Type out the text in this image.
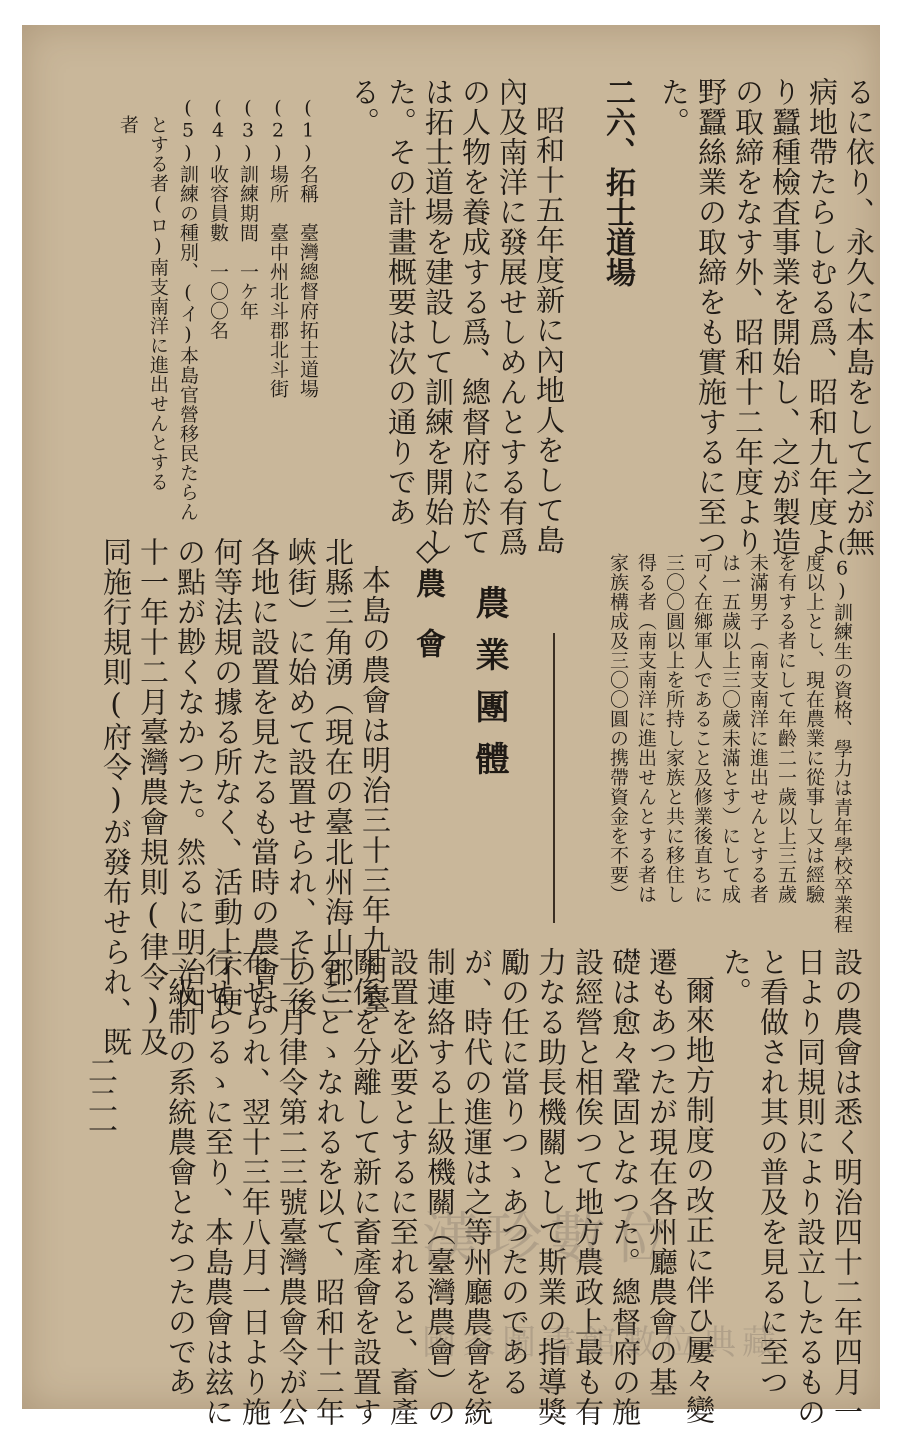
るに依り、永久に本島をして之が無
病地帶たらしむる爲、昭和九年度よ
り蠶種檢査事業を開始し、之が製造
の取締をなす外、昭和十二年度より
野蠶絲業の取締をも實施するに至つ
た。
二六、拓士道場
昭和十五年度新に內地人をして島
內及南洋に發展せしめんとする有爲
の人物を養成する爲、總督府に於て
は拓士道場を建設して訓練を開始し
た。その計畫概要は次の通りであ
る。
(1)名稱　臺灣總督府拓士道場
(2)場所　臺中州北斗郡北斗街
(3)訓練期間　一ケ年
(4)收容員數　一〇〇名
(5)訓練の種別、(イ)本島官營移民たらん
とする者(ロ)南支南洋に進出せんとする
者
(6)訓練生の資格、學力は青年學校卒業程
度以上とし、現在農業に從事し又は經驗
を有する者にして年齡二一歲以上三五歲
未滿男子（南支南洋に進出せんとする者
は一五歲以上三〇歲未滿とす）にして成
可く在鄉軍人であること及修業後直ちに
三〇〇圓以上を所持し家族と共に移住し
得る者（南支南洋に進出せんとする者は
家族構成及三〇〇圓の携帶資金を不要）
農業團體
◇農　會
本島の農會は明治三十三年九月臺
北縣三角湧（現在の臺北州海山郡三
峽街）に始めて設置せられ、その後
各地に設置を見たるも當時の農會は
何等法規の據る所なく、活動上不便
の點が尠くなかつた。然るに明治四
十一年十二月臺灣農會規則(律令)及
同施行規則(府令)が發布せられ、既
設の農會は悉く明治四十二年四月一
日より同規則により設立したるもの
と看做され其の普及を見るに至つ
た。
爾來地方制度の改正に伴ひ屢々變
遷もあつたが現在各州廳農會の基
礎は愈々鞏固となつた。總督府の施
設經營と相俟つて地方農政上最も有
力なる助長機關として斯業の指導獎
勵の任に當りつゝあつたのである
が、時代の進運は之等州廳農會を統
制連絡する上級機關（臺灣農會）の
設置を必要とするに至れると、畜產
關係を分離して新に畜產會を設置す
ることゝなれるを以て、昭和十二年
十二月律令第二三號臺灣農會令が公
布せられ、翌十三年八月一日より施
行せらるゝに至り、本島農會は玆に
二級制の系統農會となつたのであ
二二一
漢珍數位
國家圖書館數位典藏
